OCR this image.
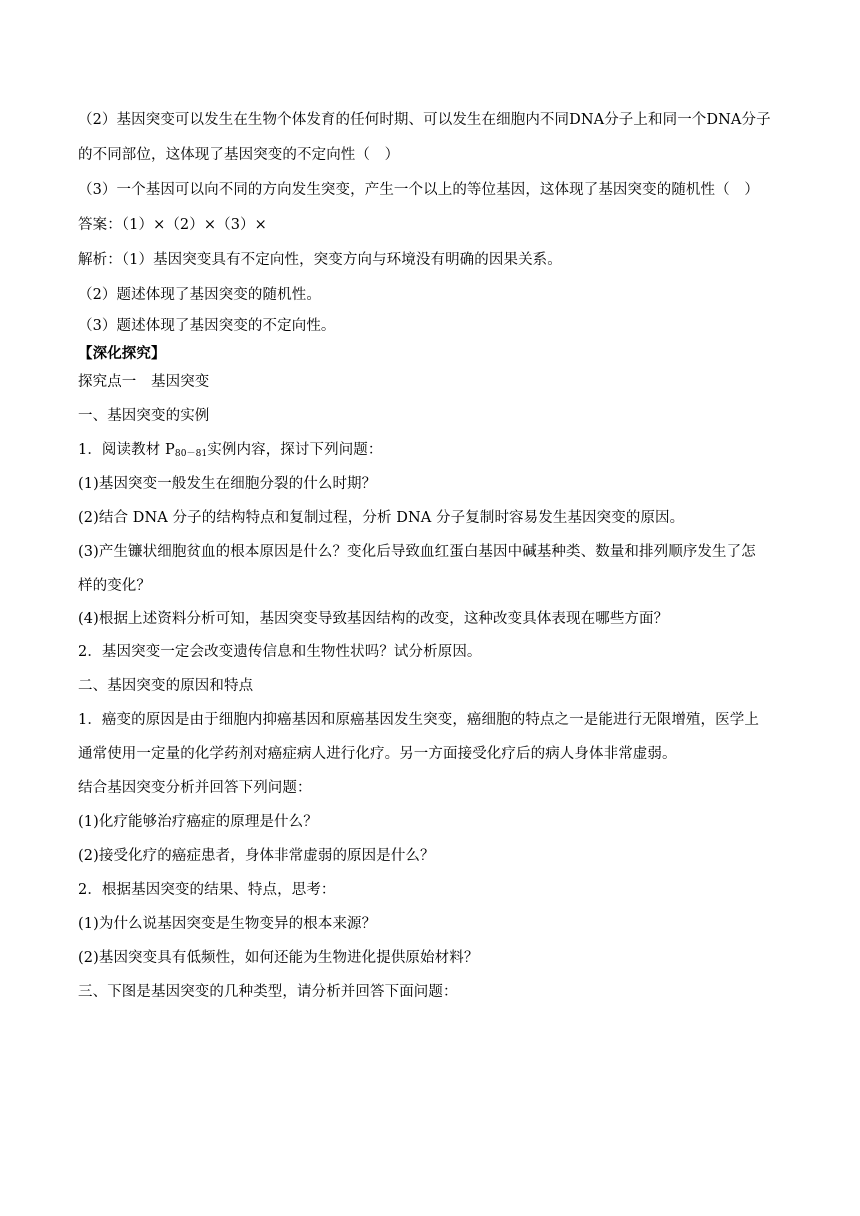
（2）基因突变可以发生在生物个体发育的任何时期、可以发生在细胞内不同DNA分子上和同一个DNA分子
的不同部位，这体现了基因突变的不定向性（　）
（3）一个基因可以向不同的方向发生突变，产生一个以上的等位基因，这体现了基因突变的随机性（　）
答案：（1）×（2）×（3）×
解析：（1）基因突变具有不定向性，突变方向与环境没有明确的因果关系。
（2）题述体现了基因突变的随机性。
（3）题述体现了基因突变的不定向性。
【深化探究】
探究点一　基因突变
一、基因突变的实例
1．阅读教材 $P_{80-81}$实例内容，探讨下列问题：
(1)基因突变一般发生在细胞分裂的什么时期？
(2)结合 DNA 分子的结构特点和复制过程，分析 DNA 分子复制时容易发生基因突变的原因。
(3)产生镰状细胞贫血的根本原因是什么？变化后导致血红蛋白基因中碱基种类、数量和排列顺序发生了怎
样的变化？
(4)根据上述资料分析可知，基因突变导致基因结构的改变，这种改变具体表现在哪些方面？
2．基因突变一定会改变遗传信息和生物性状吗？试分析原因。
二、基因突变的原因和特点
1．癌变的原因是由于细胞内抑癌基因和原癌基因发生突变，癌细胞的特点之一是能进行无限增殖，医学上
通常使用一定量的化学药剂对癌症病人进行化疗。另一方面接受化疗后的病人身体非常虚弱。
结合基因突变分析并回答下列问题：
(1)化疗能够治疗癌症的原理是什么？
(2)接受化疗的癌症患者，身体非常虚弱的原因是什么？
2．根据基因突变的结果、特点，思考：
(1)为什么说基因突变是生物变异的根本来源？
(2)基因突变具有低频性，如何还能为生物进化提供原始材料？
三、下图是基因突变的几种类型，请分析并回答下面问题：
